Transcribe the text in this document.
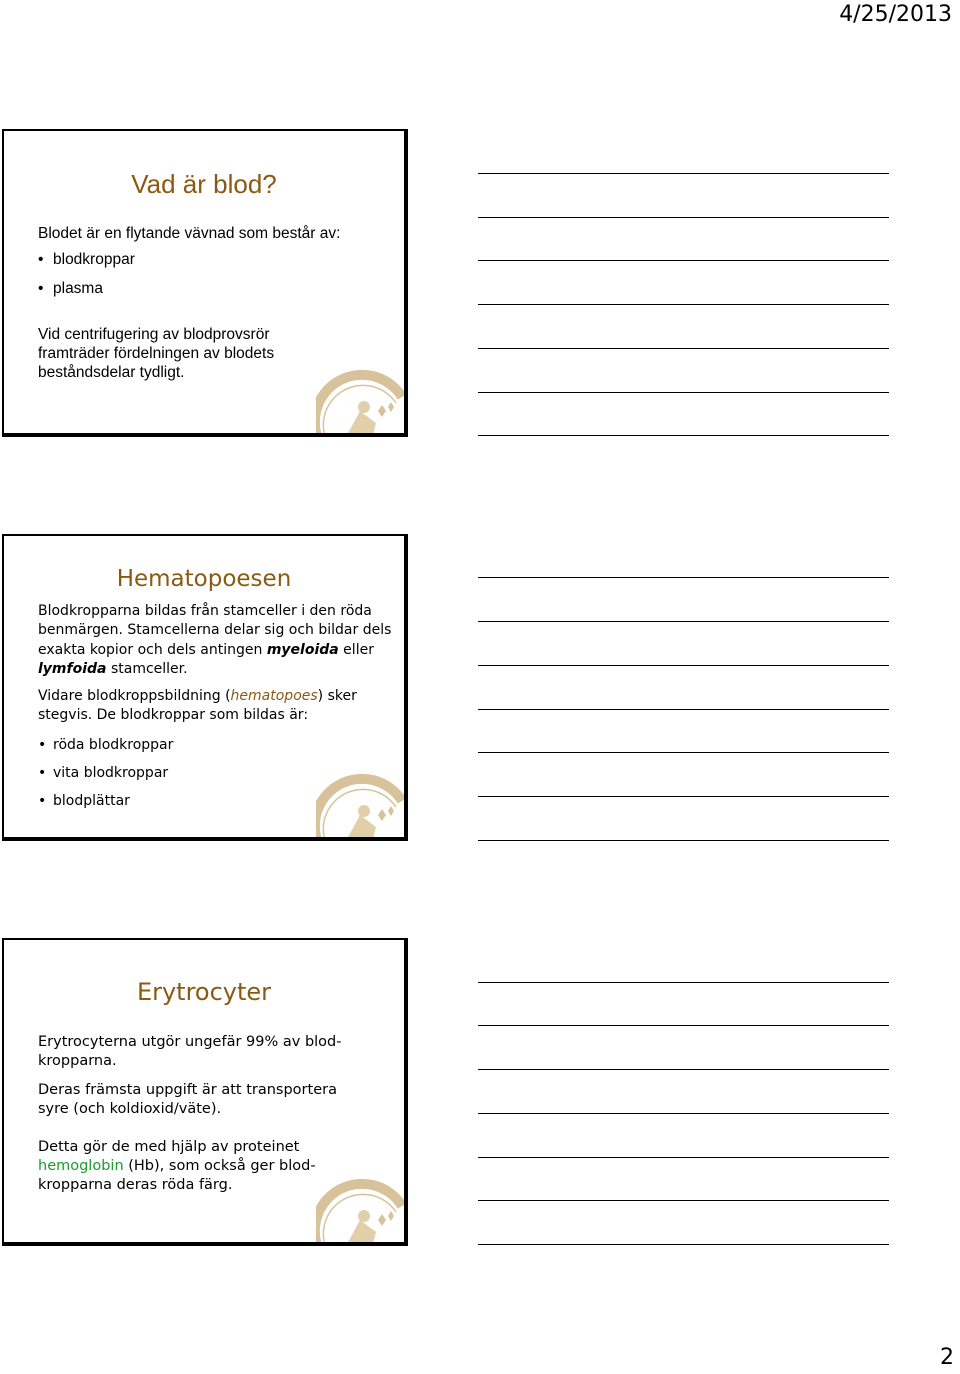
4/25/2013
Vad är blod?

Blodet är en flytande vävnad som består av:

• blodkroppar
• plasma

Vid centrifugering av blodprovsrör framträder fördelningen av blodets beståndsdelar tydligt.

Hematopoesen

Blodkropparna bildas från stamceller i den röda benmärgen. Stamcellerna delar sig och bildar dels exakta kopior och dels antingen myeloida eller lymfoida stamceller.

Vidare blodkroppsbildning (hematopoes) sker stegvis. De blodkroppar som bildas är:

• röda blodkroppar
• vita blodkroppar
• blodplättar
Erytrocyter

Erytrocyterna utgör ungefär 99% av blod-kropparna.

Deras främsta uppgift är att transportera syre (och koldioxid/väte).

Detta gör de med hjälp av proteinet hemoglobin (Hb), som också ger blod-kropparna deras röda färg.

2
